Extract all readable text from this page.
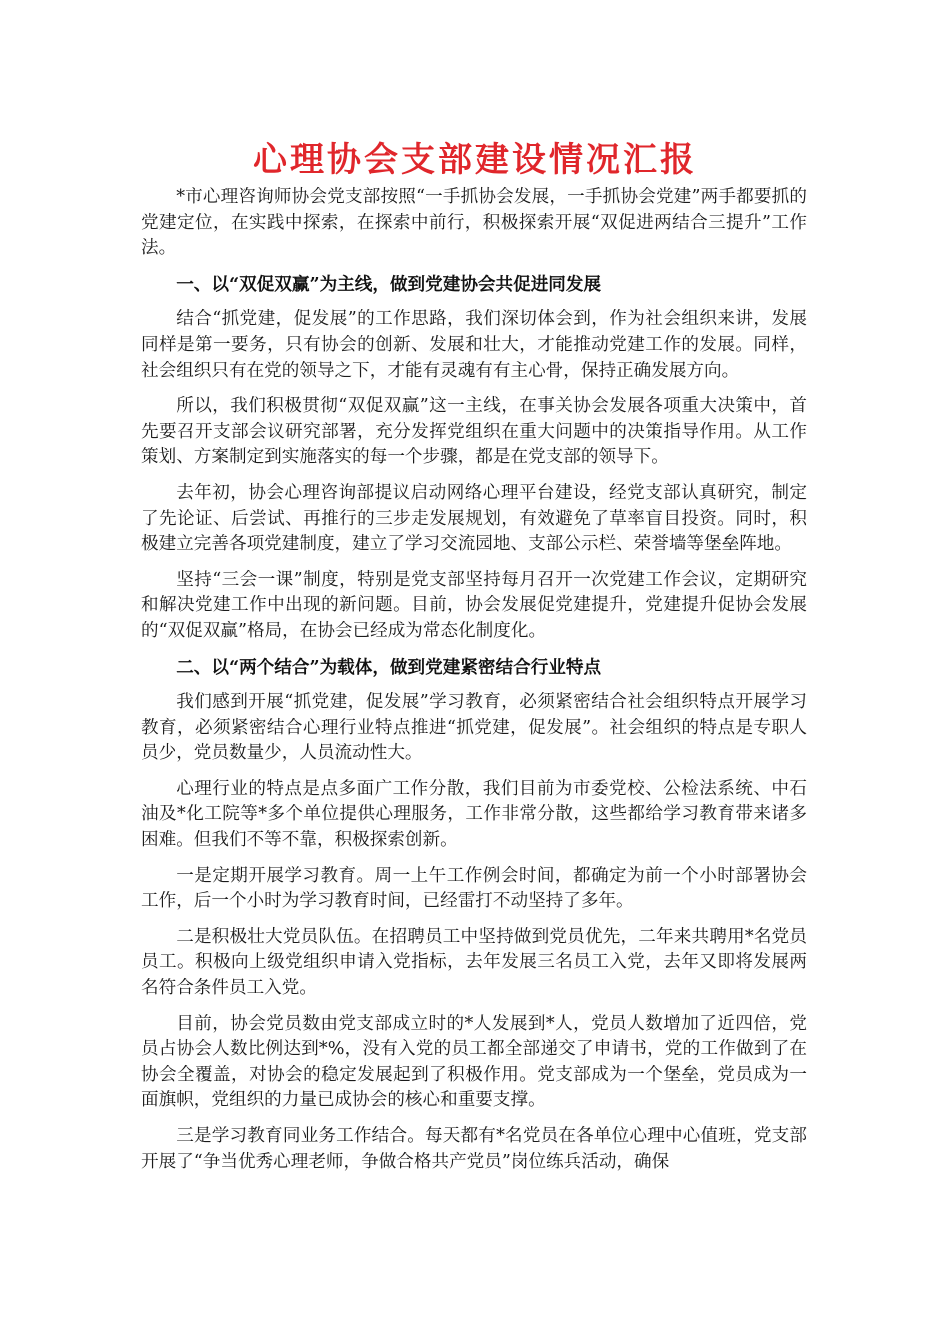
心理协会支部建设情况汇报

*市心理咨询师协会党支部按照“一手抓协会发展，一手抓协会党建”两手都要抓的党建定位，在实践中探索，在探索中前行，积极探索开展“双促进两结合三提升”工作法。

一、以“双促双赢”为主线，做到党建协会共促进同发展

结合“抓党建，促发展”的工作思路，我们深切体会到，作为社会组织来讲，发展同样是第一要务，只有协会的创新、发展和壮大，才能推动党建工作的发展。同样，社会组织只有在党的领导之下，才能有灵魂有有主心骨，保持正确发展方向。

所以，我们积极贯彻“双促双赢”这一主线，在事关协会发展各项重大决策中，首先要召开支部会议研究部署，充分发挥党组织在重大问题中的决策指导作用。从工作策划、方案制定到实施落实的每一个步骤，都是在党支部的领导下。

去年初，协会心理咨询部提议启动网络心理平台建设，经党支部认真研究，制定了先论证、后尝试、再推行的三步走发展规划，有效避免了草率盲目投资。同时，积极建立完善各项党建制度，建立了学习交流园地、支部公示栏、荣誉墙等堡垒阵地。

坚持“三会一课”制度，特别是党支部坚持每月召开一次党建工作会议，定期研究和解决党建工作中出现的新问题。目前，协会发展促党建提升，党建提升促协会发展的“双促双赢”格局，在协会已经成为常态化制度化。

二、以“两个结合”为载体，做到党建紧密结合行业特点

我们感到开展“抓党建，促发展”学习教育，必须紧密结合社会组织特点开展学习教育，必须紧密结合心理行业特点推进“抓党建，促发展”。社会组织的特点是专职人员少，党员数量少，人员流动性大。

心理行业的特点是点多面广工作分散，我们目前为市委党校、公检法系统、中石油及*化工院等*多个单位提供心理服务，工作非常分散，这些都给学习教育带来诸多困难。但我们不等不靠，积极探索创新。

一是定期开展学习教育。周一上午工作例会时间，都确定为前一个小时部署协会工作，后一个小时为学习教育时间，已经雷打不动坚持了多年。

二是积极壮大党员队伍。在招聘员工中坚持做到党员优先，二年来共聘用*名党员员工。积极向上级党组织申请入党指标，去年发展三名员工入党，去年又即将发展两名符合条件员工入党。

目前，协会党员数由党支部成立时的*人发展到*人，党员人数增加了近四倍，党员占协会人数比例达到*%，没有入党的员工都全部递交了申请书，党的工作做到了在协会全覆盖，对协会的稳定发展起到了积极作用。党支部成为一个堡垒，党员成为一面旗帜，党组织的力量已成协会的核心和重要支撑。

三是学习教育同业务工作结合。每天都有*名党员在各单位心理中心值班，党支部开展了“争当优秀心理老师，争做合格共产党员”岗位练兵活动，确保
